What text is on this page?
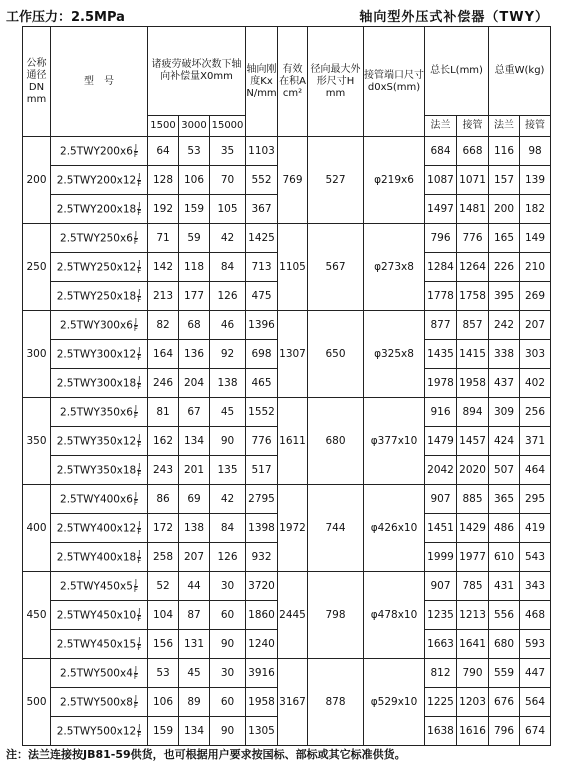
工作压力：2.5MPa	轴向型外压式补偿器（TWY）
公称通径DN mm	型　号	诸疲劳破坏次数下轴向补偿量X0mm			轴向刚度Kx N/mm	有效在积A cm²	径向最大外形尺寸H mm	接管端口尺寸d0xS(mm)	总长L(mm)		总重W(kg)	
		1500	3000	15000					法兰	接管	法兰	接管
200	$2.5TWY200x6 \frac{J}{F}$	64	53	35	1103	769	527	φ219x6	684	668	116	98
	$2.5TWY200x12 \frac{J}{F}$	128	106	70	552				1087	1071	157	139
	$2.5TWY200x18 \frac{J}{F}$	192	159	105	367				1497	1481	200	182
250	$2.5TWY250x6 \frac{J}{F}$	71	59	42	1425	1105	567	φ273x8	796	776	165	149
	$2.5TWY250x12 \frac{J}{F}$	142	118	84	713				1284	1264	226	210
	$2.5TWY250x18 \frac{J}{F}$	213	177	126	475				1778	1758	395	269
300	$2.5TWY300x6 \frac{J}{F}$	82	68	46	1396	1307	650	φ325x8	877	857	242	207
	$2.5TWY300x12 \frac{J}{F}$	164	136	92	698				1435	1415	338	303
	$2.5TWY300x18 \frac{J}{F}$	246	204	138	465				1978	1958	437	402
350	$2.5TWY350x6 \frac{J}{F}$	81	67	45	1552	1611	680	φ377x10	916	894	309	256
	$2.5TWY350x12 \frac{J}{F}$	162	134	90	776				1479	1457	424	371
	$2.5TWY350x18 \frac{J}{F}$	243	201	135	517				2042	2020	507	464
400	$2.5TWY400x6 \frac{J}{F}$	86	69	42	2795	1972	744	φ426x10	907	885	365	295
	$2.5TWY400x12 \frac{J}{F}$	172	138	84	1398				1451	1429	486	419
	$2.5TWY400x18 \frac{J}{F}$	258	207	126	932				1999	1977	610	543
450	$2.5TWY450x5 \frac{J}{F}$	52	44	30	3720	2445	798	φ478x10	907	785	431	343
	$2.5TWY450x10 \frac{J}{F}$	104	87	60	1860				1235	1213	556	468
	$2.5TWY450x15 \frac{J}{F}$	156	131	90	1240				1663	1641	680	593
500	$2.5TWY500x4 \frac{J}{F}$	53	45	30	3916	3167	878	φ529x10	812	790	559	447
	$2.5TWY500x8 \frac{J}{F}$	106	89	60	1958				1225	1203	676	564
	$2.5TWY500x12 \frac{J}{F}$	159	134	90	1305				1638	1616	796	674
注：法兰连接按JB81-59供货，也可根据用户要求按国标、部标或其它标准供货。
